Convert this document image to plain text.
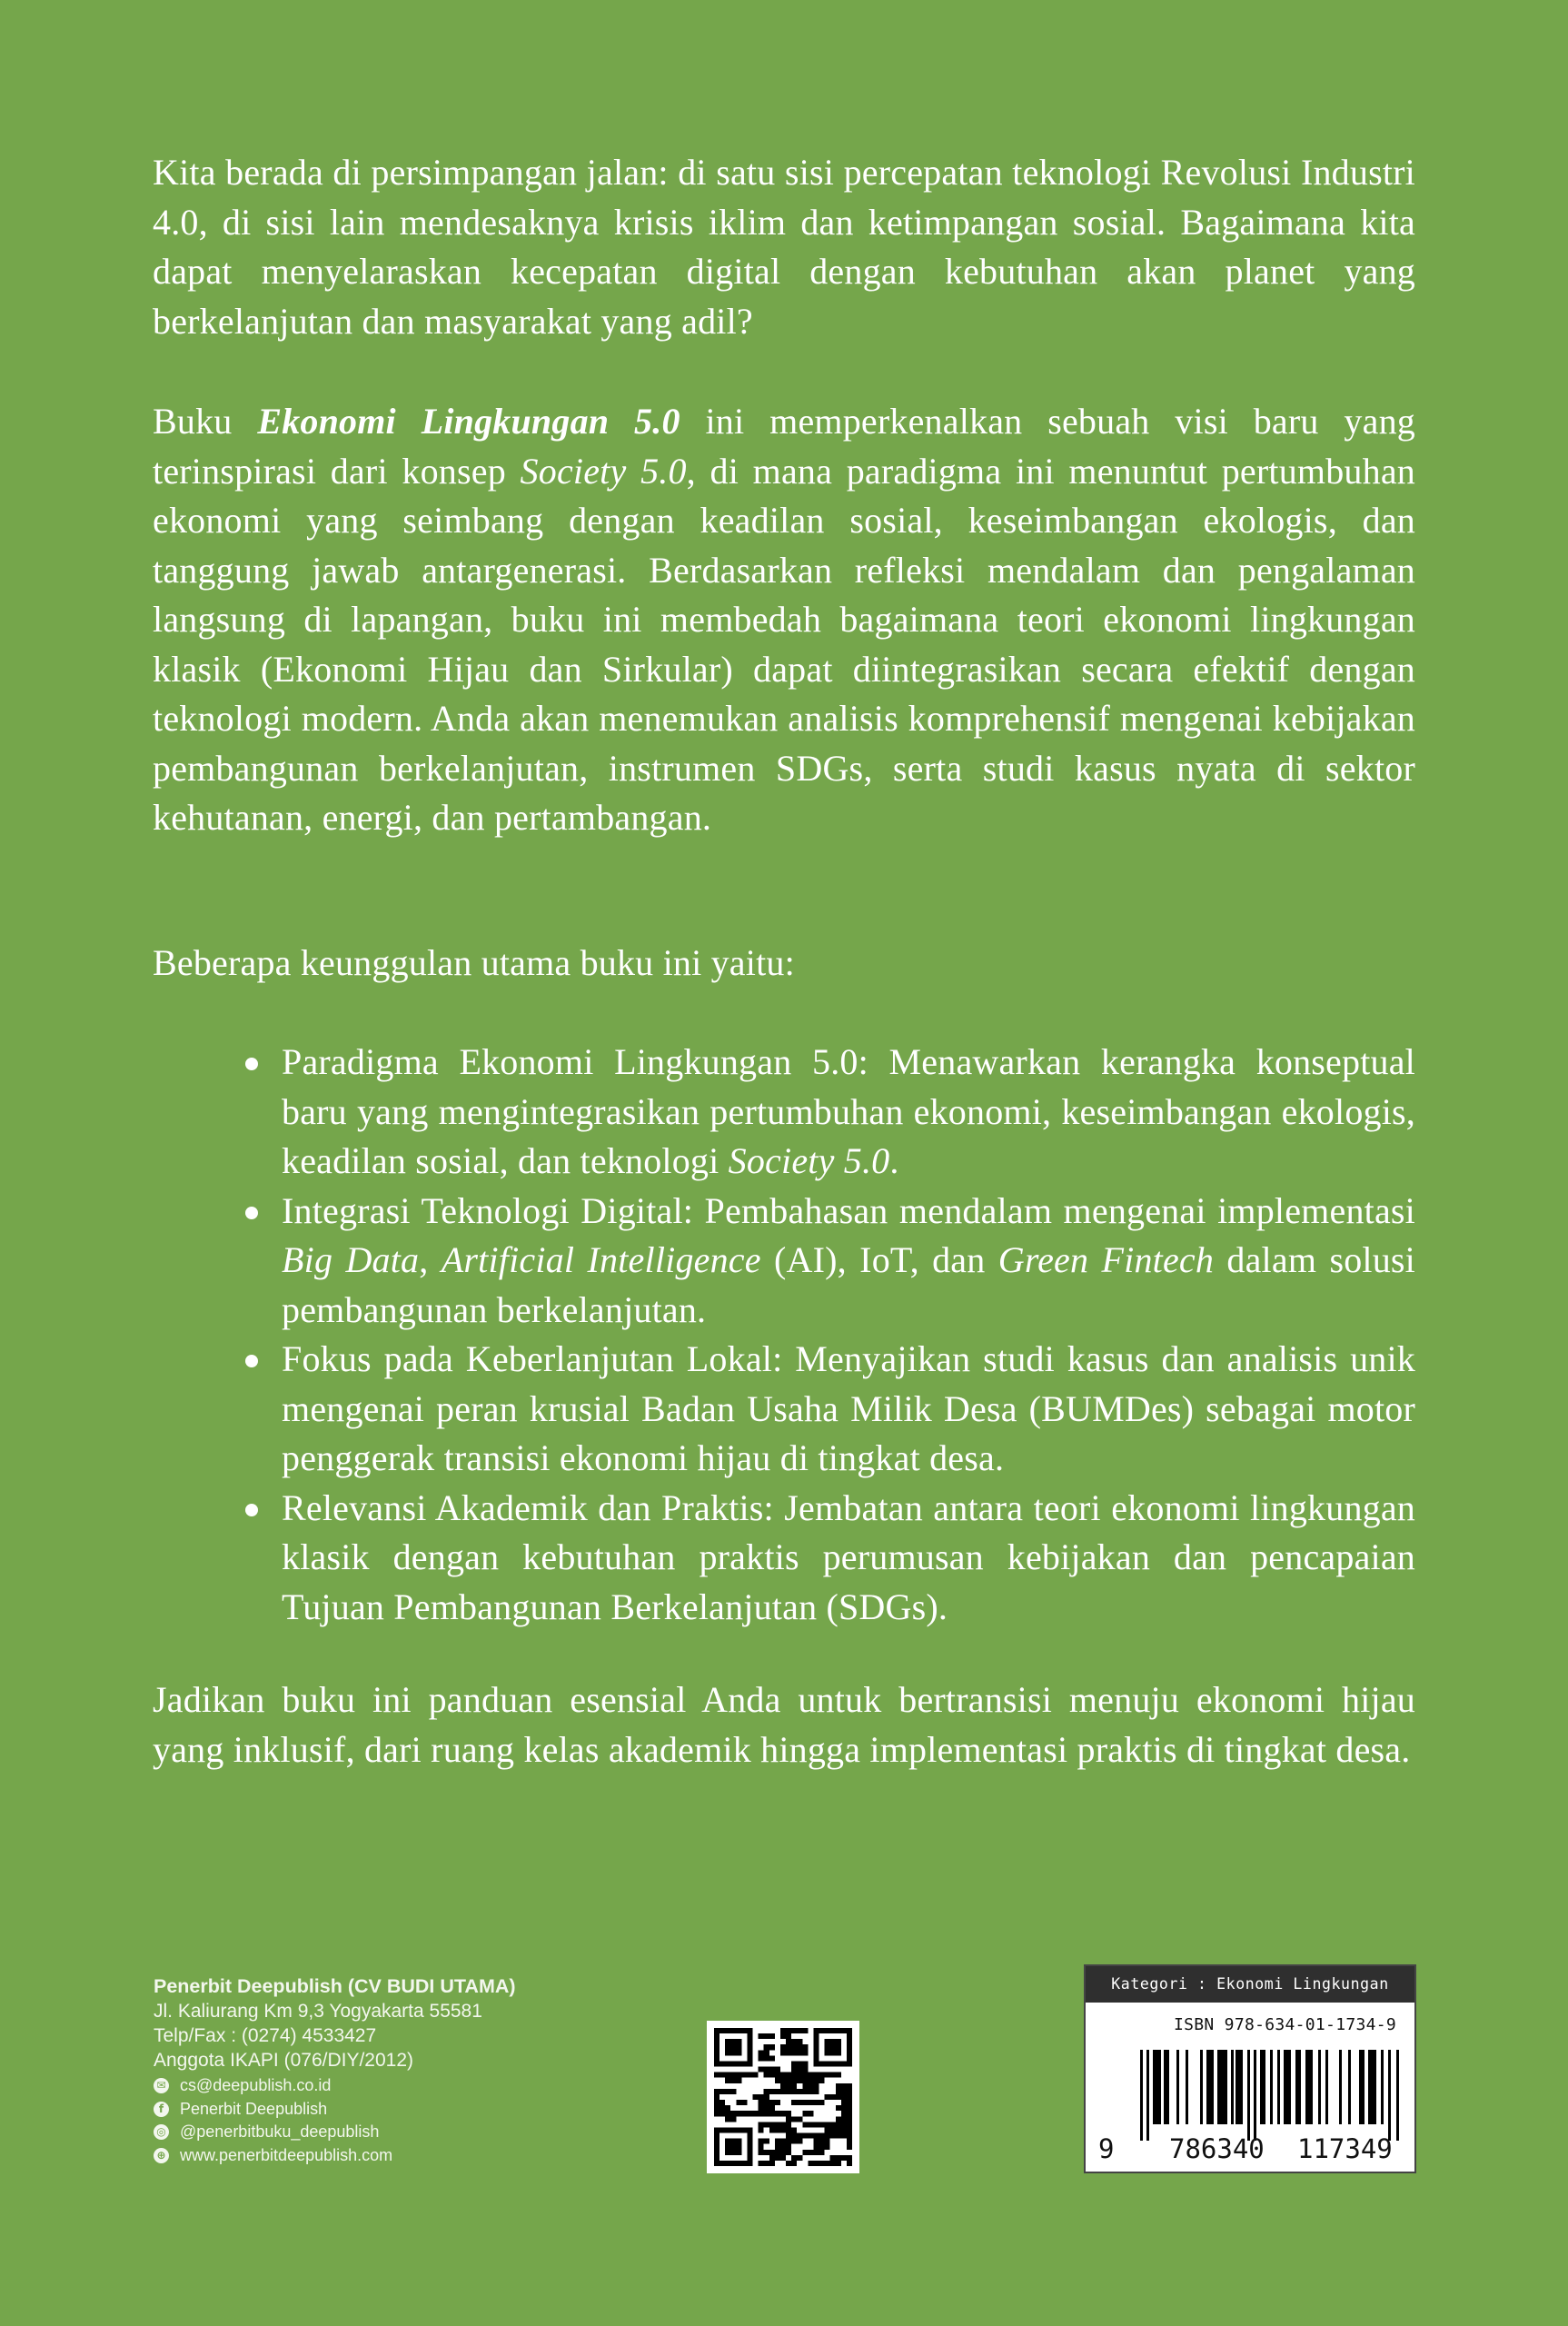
Kita berada di persimpangan jalan: di satu sisi percepatan teknologi Revolusi Industri 4.0, di sisi lain mendesaknya krisis iklim dan ketimpangan sosial. Bagaimana kita dapat menyelaraskan kecepatan digital dengan kebutuhan akan planet yang berkelanjutan dan masyarakat yang adil?

Buku Ekonomi Lingkungan 5.0 ini memperkenalkan sebuah visi baru yang terinspirasi dari konsep Society 5.0, di mana paradigma ini menuntut pertumbuhan ekonomi yang seimbang dengan keadilan sosial, keseimbangan ekologis, dan tanggung jawab antargenerasi. Berdasarkan refleksi mendalam dan pengalaman langsung di lapangan, buku ini membedah bagaimana teori ekonomi lingkungan klasik (Ekonomi Hijau dan Sirkular) dapat diintegrasikan secara efektif dengan teknologi modern. Anda akan menemukan analisis komprehensif mengenai kebijakan pembangunan berkelanjutan, instrumen SDGs, serta studi kasus nyata di sektor kehutanan, energi, dan pertambangan.

Beberapa keunggulan utama buku ini yaitu:

Paradigma Ekonomi Lingkungan 5.0: Menawarkan kerangka konseptual baru yang mengintegrasikan pertumbuhan ekonomi, keseimbangan ekologis, keadilan sosial, dan teknologi Society 5.0.
Integrasi Teknologi Digital: Pembahasan mendalam mengenai implementasi Big Data, Artificial Intelligence (AI), IoT, dan Green Fintech dalam solusi pembangunan berkelanjutan.
Fokus pada Keberlanjutan Lokal: Menyajikan studi kasus dan analisis unik mengenai peran krusial Badan Usaha Milik Desa (BUMDes) sebagai motor penggerak transisi ekonomi hijau di tingkat desa.
Relevansi Akademik dan Praktis: Jembatan antara teori ekonomi lingkungan klasik dengan kebutuhan praktis perumusan kebijakan dan pencapaian Tujuan Pembangunan Berkelanjutan (SDGs).

Jadikan buku ini panduan esensial Anda untuk bertransisi menuju ekonomi hijau yang inklusif, dari ruang kelas akademik hingga implementasi praktis di tingkat desa.

Penerbit Deepublish (CV BUDI UTAMA)
Jl. Kaliurang Km 9,3 Yogyakarta 55581
Telp/Fax : (0274) 4533427
Anggota IKAPI (076/DIY/2012)
✉ cs@deepublish.co.id
f Penerbit Deepublish
◎ @penerbitbuku_deepublish
⊕ www.penerbitdeepublish.com
Kategori : Ekonomi Lingkungan
ISBN 978-634-01-1734-9
9 786340 117349
